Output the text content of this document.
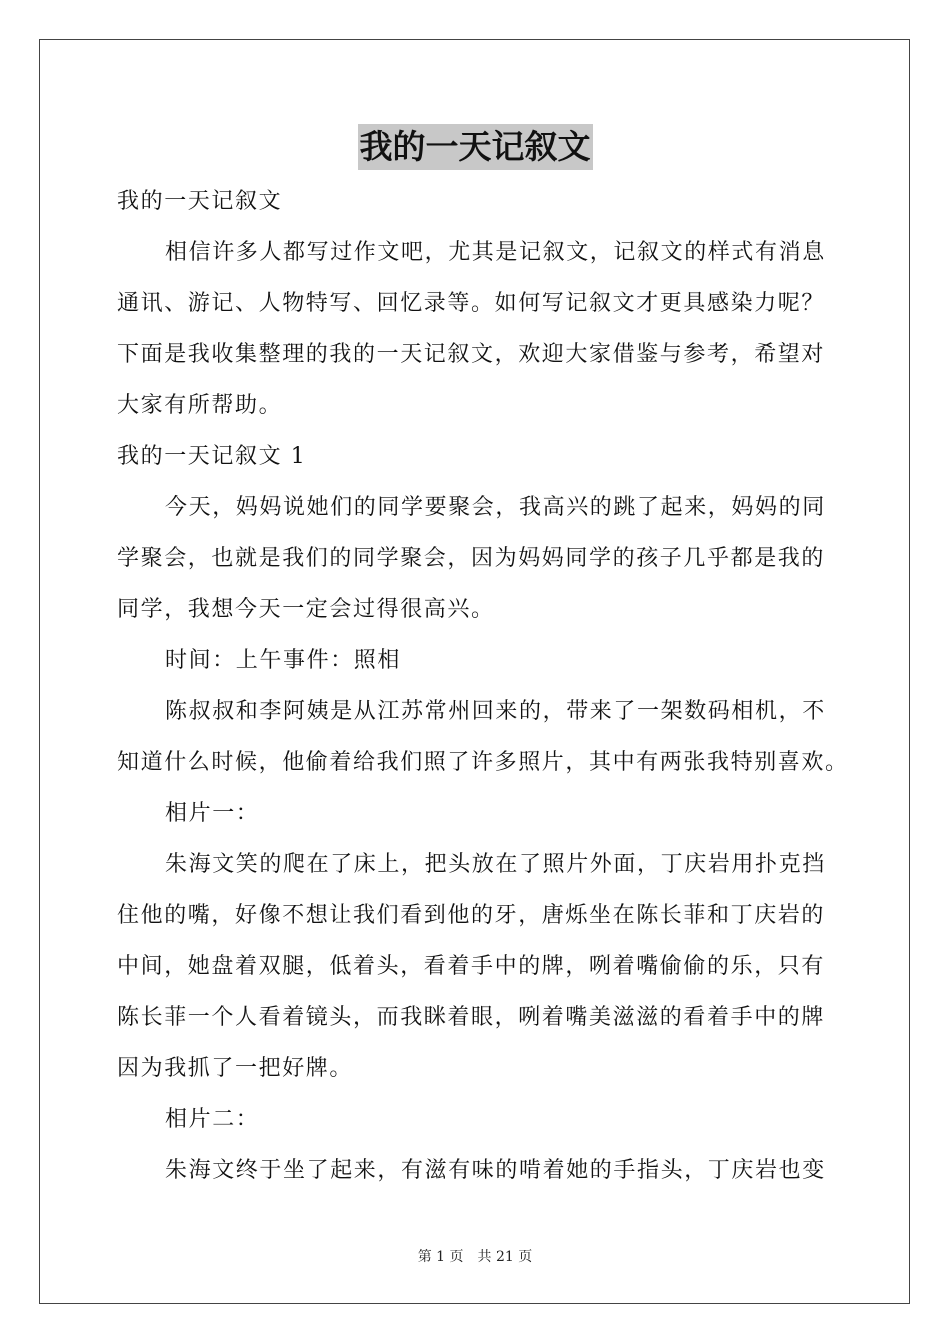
我的一天记叙文

我的一天记叙文

相信许多人都写过作文吧，尤其是记叙文，记叙文的样式有消息

通讯、游记、人物特写、回忆录等。如何写记叙文才更具感染力呢？

下面是我收集整理的我的一天记叙文，欢迎大家借鉴与参考，希望对

大家有所帮助。

我的一天记叙文 1

今天，妈妈说她们的同学要聚会，我高兴的跳了起来，妈妈的同

学聚会，也就是我们的同学聚会，因为妈妈同学的孩子几乎都是我的

同学，我想今天一定会过得很高兴。

时间：上午事件：照相

陈叔叔和李阿姨是从江苏常州回来的，带来了一架数码相机，不

知道什么时候，他偷着给我们照了许多照片，其中有两张我特别喜欢。

相片一：

朱海文笑的爬在了床上，把头放在了照片外面，丁庆岩用扑克挡

住他的嘴，好像不想让我们看到他的牙，唐烁坐在陈长菲和丁庆岩的

中间，她盘着双腿，低着头，看着手中的牌，咧着嘴偷偷的乐，只有

陈长菲一个人看着镜头，而我眯着眼，咧着嘴美滋滋的看着手中的牌

因为我抓了一把好牌。

相片二：

朱海文终于坐了起来，有滋有味的啃着她的手指头，丁庆岩也变

第 1 页 共 21 页
